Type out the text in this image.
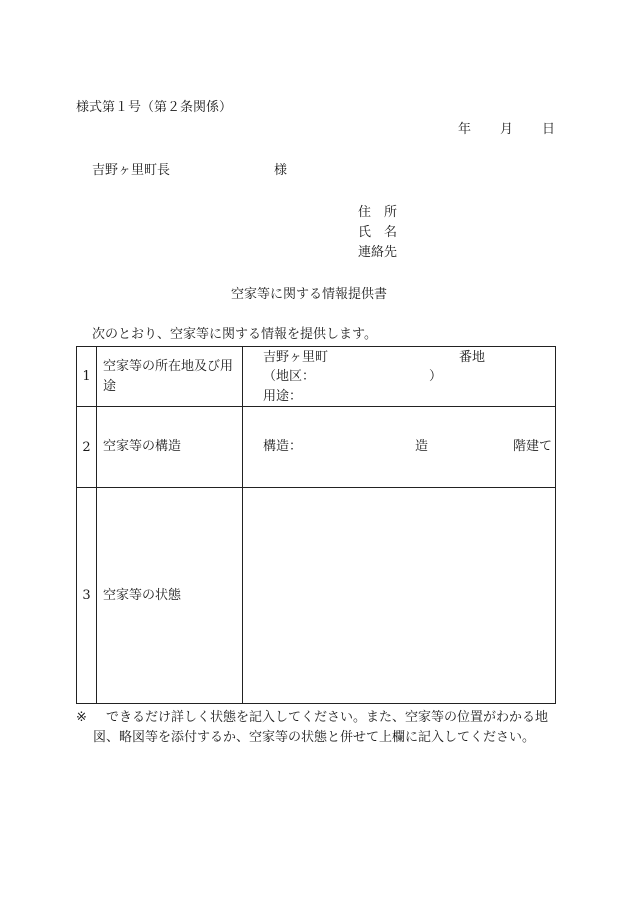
様式第１号（第２条関係）
年 月 日
吉野ヶ里町長	様
住　所
氏　名
連絡先
空家等に関する情報提供書
次のとおり、空家等に関する情報を提供します。
1	空家等の所在地及び用途	吉野ヶ里町 番地
（地区： ）
用途：

2	空家等の構造	構造： 造 階建て

3	空家等の状態	
※	できるだけ詳しく状態を記入してください。また、空家等の位置がわかる地図、略図等を添付するか、空家等の状態と併せて上欄に記入してください。
